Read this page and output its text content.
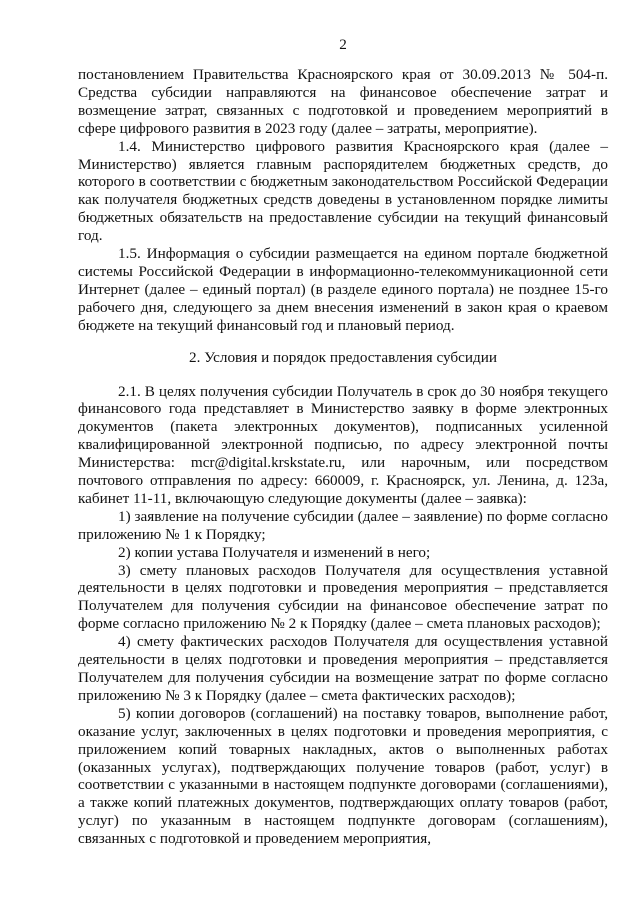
2

постановлением Правительства Красноярского края от 30.09.2013 № 504-п. Средства субсидии направляются на финансовое обеспечение затрат и возмещение затрат, связанных с подготовкой и проведением мероприятий в сфере цифрового развития в 2023 году (далее – затраты, мероприятие).

1.4. Министерство цифрового развития Красноярского края (далее – Министерство) является главным распорядителем бюджетных средств, до которого в соответствии с бюджетным законодательством Российской Федерации как получателя бюджетных средств доведены в установленном порядке лимиты бюджетных обязательств на предоставление субсидии на текущий финансовый год.

1.5. Информация о субсидии размещается на едином портале бюджетной системы Российской Федерации в информационно-телекоммуникационной сети Интернет (далее – единый портал) (в разделе единого портала) не позднее 15-го рабочего дня, следующего за днем внесения изменений в закон края о краевом бюджете на текущий финансовый год и плановый период.

2. Условия и порядок предоставления субсидии

2.1. В целях получения субсидии Получатель в срок до 30 ноября текущего финансового года представляет в Министерство заявку в форме электронных документов (пакета электронных документов), подписанных усиленной квалифицированной электронной подписью, по адресу электронной почты Министерства: mcr@digital.krskstate.ru, или нарочным, или посредством почтового отправления по адресу: 660009, г. Красноярск, ул. Ленина, д. 123а, кабинет 11-11, включающую следующие документы (далее – заявка):

1) заявление на получение субсидии (далее – заявление) по форме согласно приложению № 1 к Порядку;

2) копии устава Получателя и изменений в него;

3) смету плановых расходов Получателя для осуществления уставной деятельности в целях подготовки и проведения мероприятия – представляется Получателем для получения субсидии на финансовое обеспечение затрат по форме согласно приложению № 2 к Порядку (далее – смета плановых расходов);

4) смету фактических расходов Получателя для осуществления уставной деятельности в целях подготовки и проведения мероприятия – представляется Получателем для получения субсидии на возмещение затрат по форме согласно приложению № 3 к Порядку (далее – смета фактических расходов);

5) копии договоров (соглашений) на поставку товаров, выполнение работ, оказание услуг, заключенных в целях подготовки и проведения мероприятия, с приложением копий товарных накладных, актов о выполненных работах (оказанных услугах), подтверждающих получение товаров (работ, услуг) в соответствии с указанными в настоящем подпункте договорами (соглашениями), а также копий платежных документов, подтверждающих оплату товаров (работ, услуг) по указанным в настоящем подпункте договорам (соглашениям), связанных с подготовкой и проведением мероприятия,
